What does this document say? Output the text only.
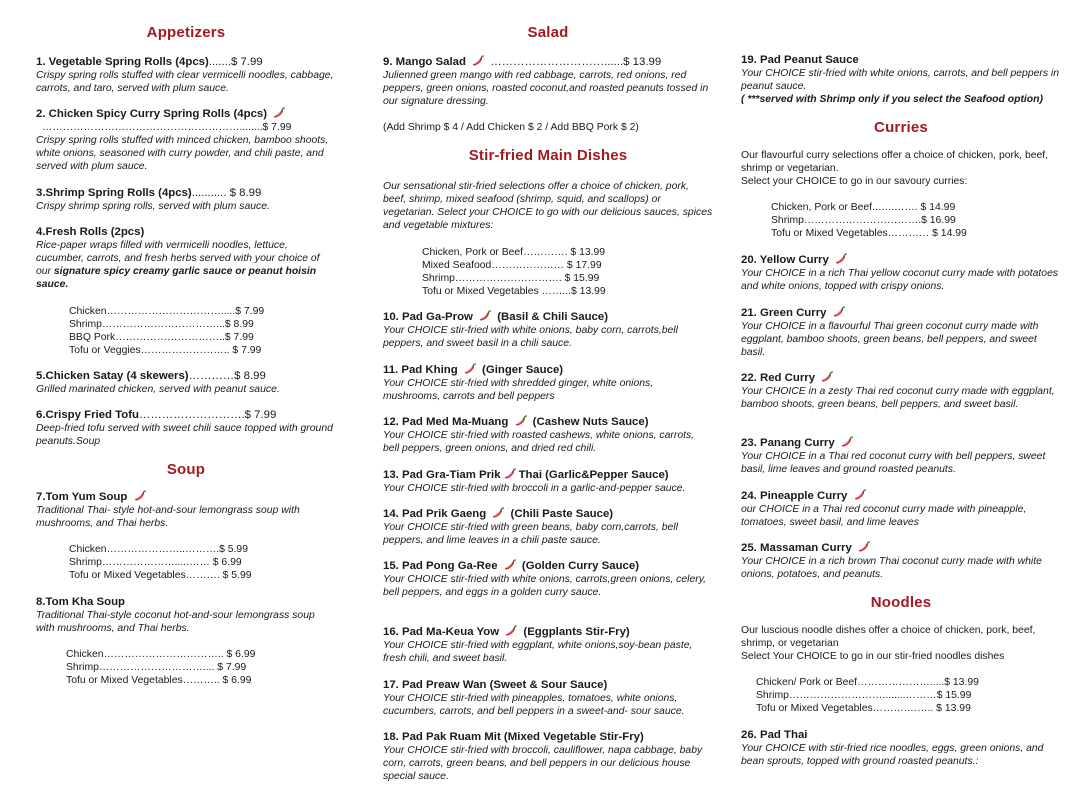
Appetizers
1. Vegetable Spring Rolls (4pcs).......$ 7.99
Crispy spring rolls stuffed with clear vermicelli noodles, cabbage, carrots, and taro, served with plum sauce.
2. Chicken Spicy Curry Spring Rolls (4pcs)
…………………………………………………........$ 7.99
Crispy spring rolls stuffed with minced chicken, bamboo shoots, white onions, seasoned with curry powder, and chili paste, and served with plum sauce.
3.Shrimp Spring Rolls (4pcs)........... $ 8.99
Crispy shrimp spring rolls, served with plum sauce.
4.Fresh Rolls (2pcs)
Rice-paper wraps filled with vermicelli noodles, lettuce, cucumber, carrots, and fresh herbs served with your choice of our signature spicy creamy garlic sauce or peanut hoisin sauce.
Chicken…………………………….....$ 7.99
Shrimp……………………………...$ 8.99
BBQ Pork…………………………..$ 7.99
Tofu or Veggies…………………….. $ 7.99
5.Chicken Satay (4 skewers)…………$ 8.99
Grilled marinated chicken, served with peanut sauce.
6.Crispy Fried Tofu……………………….$ 7.99
Deep-fried tofu served with sweet chili sauce topped with ground peanuts.Soup
Soup
7.Tom Yum Soup
Traditional Thai- style hot-and-sour lemongrass soup with mushrooms, and Thai herbs.
Chicken…………………..……….$ 5.99
Shrimp………………….....…… $ 6.99
Tofu or Mixed Vegetables………. $ 5.99
8.Tom Kha Soup
Traditional Thai-style coconut hot-and-sour lemongrass soup with mushrooms, and Thai herbs.
Chicken…………………………….. $ 6.99
Shrimp………………………….... $ 7.99
Tofu or Mixed Vegetables……….. $ 6.99
Salad
9. Mango Salad …………………………......$ 13.99
Julienned green mango with red cabbage, carrots, red onions, red peppers, green onions, roasted coconut,and roasted peanuts tossed in our signature dressing.
(Add Shrimp $ 4 / Add Chicken $ 2 / Add BBQ Pork $ 2)
Stir-fried Main Dishes
Our sensational stir-fried selections offer a choice of chicken, pork, beef, shrimp, mixed seafood (shrimp, squid, and scallops) or vegetarian. Select your CHOICE to go with our delicious sauces, spices and vegetable mixtures:
Chicken, Pork or Beef…………. $ 13.99
Mixed Seafood………………… $ 17.99
Shrimp…………………………. $ 15.99
Tofu or Mixed Vegetables ……...$ 13.99
10. Pad Ga-Prow (Basil & Chili Sauce)
Your CHOICE stir-fried with white onions, baby corn, carrots,bell peppers, and sweet basil in a chili sauce.
11. Pad Khing (Ginger Sauce)
Your CHOICE stir-fried with shredded ginger, white onions, mushrooms, carrots and bell peppers
12. Pad Med Ma-Muang (Cashew Nuts Sauce)
Your CHOICE stir-fried with roasted cashews, white onions, carrots, bell peppers, green onions, and dried red chili.
13. Pad Gra-Tiam Prik Thai (Garlic&Pepper Sauce)
Your CHOICE stir-fried with broccoli in a garlic-and-pepper sauce.
14. Pad Prik Gaeng (Chili Paste Sauce)
Your CHOICE stir-fried with green beans, baby corn,carrots, bell peppers, and lime leaves in a chili paste sauce.
15. Pad Pong Ga-Ree (Golden Curry Sauce)
Your CHOICE stir-fried with white onions, carrots,green onions, celery, bell peppers, and eggs in a golden curry sauce.
16. Pad Ma-Keua Yow (Eggplants Stir-Fry)
Your CHOICE stir-fried with eggplant, white onions,soy-bean paste, fresh chili, and sweet basil.
17. Pad Preaw Wan (Sweet & Sour Sauce)
Your CHOICE stir-fried with pineapples, tomatoes, white onions, cucumbers, carrots, and bell peppers in a sweet-and- sour sauce.
18. Pad Pak Ruam Mit (Mixed Vegetable Stir-Fry)
Your CHOICE stir-fried with broccoli, cauliflower, napa cabbage, baby corn, carrots, green beans, and bell peppers in our delicious house special sauce.
19. Pad Peanut Sauce
Your CHOICE stir-fried with white onions, carrots, and bell peppers in peanut sauce.
( ***served with Shrimp only if you select the Seafood option)
Curries
Our flavourful curry selections offer a choice of chicken, pork, beef, shrimp or vegetarian.
Select your CHOICE to go in our savoury curries:
Chicken, Pork or Beef..…..……. $ 14.99
Shrimp…………………………….$ 16.99
Tofu or Mixed Vegetables………… $ 14.99
20. Yellow Curry
Your CHOICE in a rich Thai yellow coconut curry made with potatoes and white onions, topped with crispy onions.
21. Green Curry
Your CHOICE in a flavourful Thai green coconut curry made with eggplant, bamboo shoots, green beans, bell peppers, and sweet basil.
22. Red Curry
Your CHOICE in a zesty Thai red coconut curry made with eggplant, bamboo shoots, green beans, bell peppers, and sweet basil.
23. Panang Curry
Your CHOICE in a Thai red coconut curry with bell peppers, sweet basil, lime leaves and ground roasted peanuts.
24. Pineapple Curry
our CHOICE in a Thai red coconut curry made with pineapple, tomatoes, sweet basil, and lime leaves
25. Massaman Curry
Your CHOICE in a rich brown Thai coconut curry made with white onions, potatoes, and peanuts.
Noodles
Our luscious noodle dishes offer a choice of chicken, pork, beef, shrimp, or vegetarian
Select Your CHOICE to go in our stir-fried noodles dishes
Chicken/ Pork or Beef………………….....$ 13.99
Shrimp………………………........………$ 15.99
Tofu or Mixed Vegetables……….…….. $ 13.99
26. Pad Thai
Your CHOICE with stir-fried rice noodles, eggs, green onions, and bean sprouts, topped with ground roasted peanuts.:
